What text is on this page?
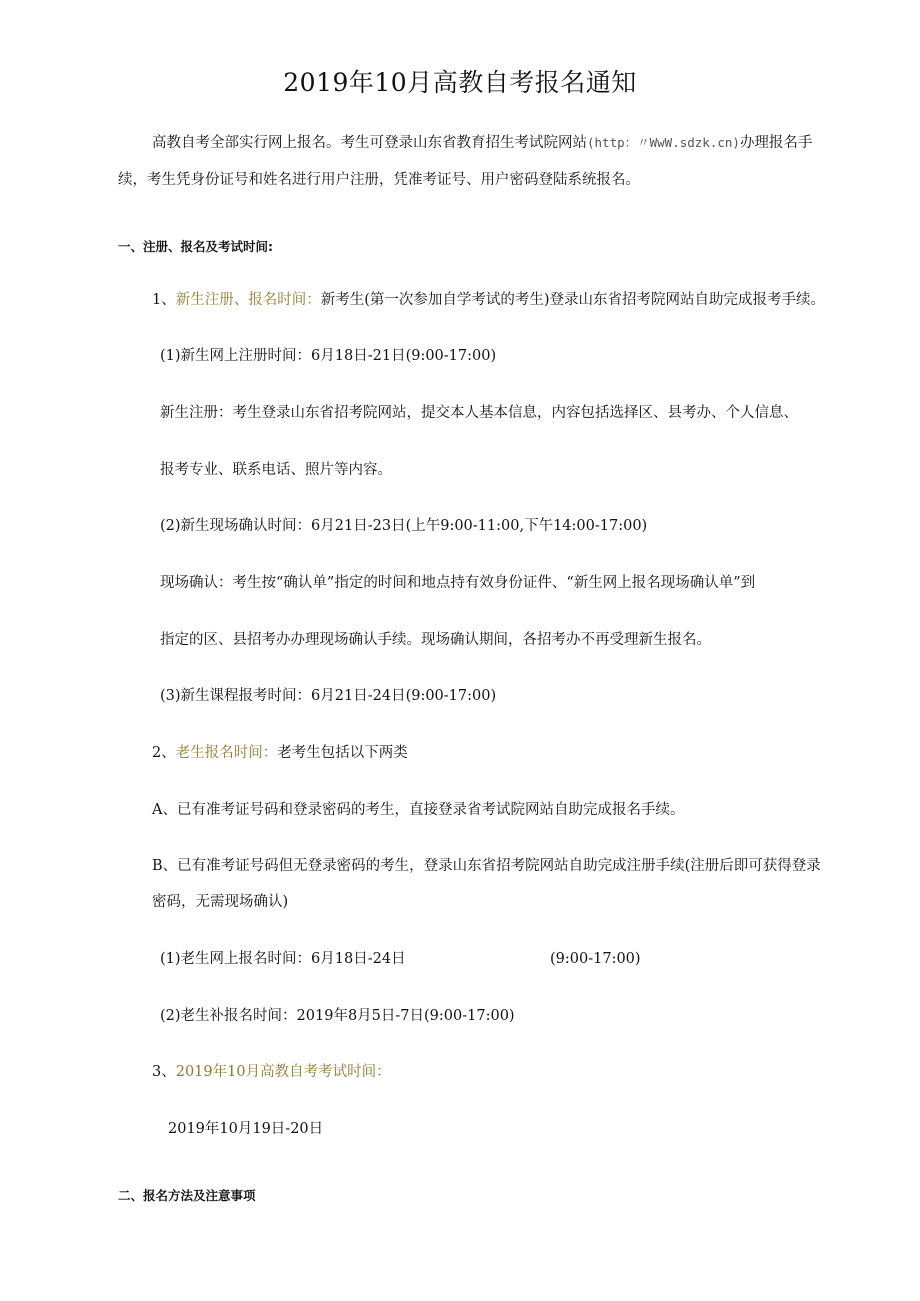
2019年10月高教自考报名通知
高教自考全部实行网上报名。考生可登录山东省教育招生考试院网站(http：〃WwW.sdzk.cn)办理报名手
续，考生凭身份证号和姓名进行用户注册，凭准考证号、用户密码登陆系统报名。
一、注册、报名及考试时间:
1、新生注册、报名时间：新考生(第一次参加自学考试的考生)登录山东省招考院网站自助完成报考手续。
(1)新生网上注册时间：6月18日-21日(9:00-17:00)
新生注册：考生登录山东省招考院网站，提交本人基本信息，内容包括选择区、县考办、个人信息、
报考专业、联系电话、照片等内容。
(2)新生现场确认时间：6月21日-23日(上午9:00-11:00,下午14:00-17:00)
现场确认：考生按“确认单”指定的时间和地点持有效身份证件、“新生网上报名现场确认单”到
指定的区、县招考办办理现场确认手续。现场确认期间，各招考办不再受理新生报名。
(3)新生课程报考时间：6月21日-24日(9:00-17:00)
2、老生报名时间：老考生包括以下两类
A、已有准考证号码和登录密码的考生，直接登录省考试院网站自助完成报名手续。
B、已有准考证号码但无登录密码的考生，登录山东省招考院网站自助完成注册手续(注册后即可获得登录
密码，无需现场确认)
(1)老生网上报名时间：6月18日-24日	(9:00-17:00)
(2)老生补报名时间：2019年8月5日-7日(9:00-17:00)
3、2019年10月高教自考考试时间：
2019年10月19日-20日
二、报名方法及注意事项
